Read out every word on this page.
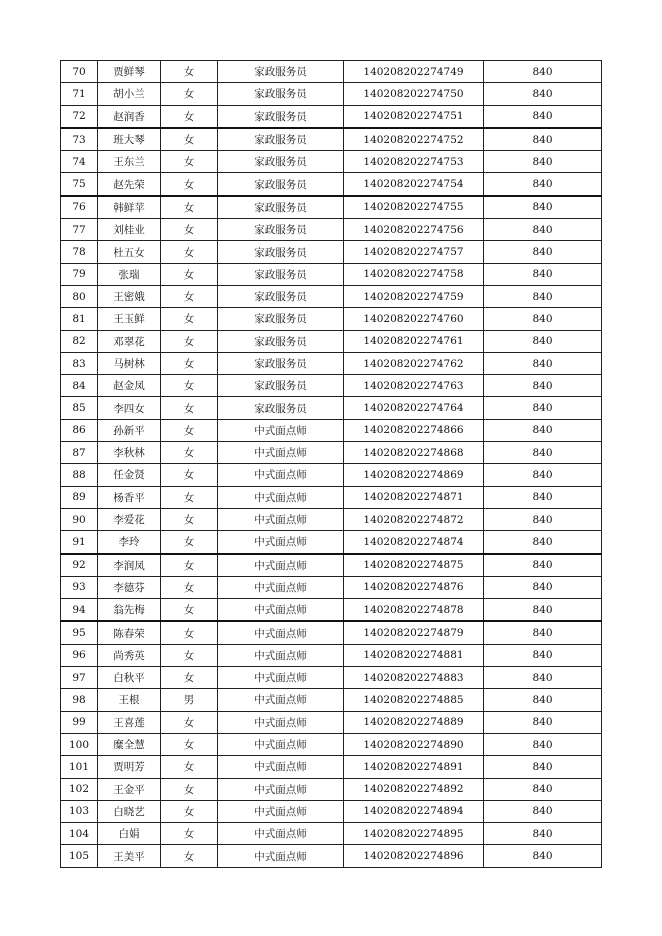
70	贾鲜琴	女	家政服务员	140208202274749	840
71	胡小兰	女	家政服务员	140208202274750	840
72	赵润香	女	家政服务员	140208202274751	840
73	班大琴	女	家政服务员	140208202274752	840
74	王东兰	女	家政服务员	140208202274753	840
75	赵先荣	女	家政服务员	140208202274754	840
76	韩鲜苹	女	家政服务员	140208202274755	840
77	刘桂业	女	家政服务员	140208202274756	840
78	杜五女	女	家政服务员	140208202274757	840
79	张瑞	女	家政服务员	140208202274758	840
80	王密娥	女	家政服务员	140208202274759	840
81	王玉鲜	女	家政服务员	140208202274760	840
82	邓翠花	女	家政服务员	140208202274761	840
83	马树林	女	家政服务员	140208202274762	840
84	赵金凤	女	家政服务员	140208202274763	840
85	李四女	女	家政服务员	140208202274764	840
86	孙新平	女	中式面点师	140208202274866	840
87	李秋林	女	中式面点师	140208202274868	840
88	任金贤	女	中式面点师	140208202274869	840
89	杨香平	女	中式面点师	140208202274871	840
90	李爱花	女	中式面点师	140208202274872	840
91	李玲	女	中式面点师	140208202274874	840
92	李润凤	女	中式面点师	140208202274875	840
93	李德芬	女	中式面点师	140208202274876	840
94	翁先梅	女	中式面点师	140208202274878	840
95	陈春荣	女	中式面点师	140208202274879	840
96	尚秀英	女	中式面点师	140208202274881	840
97	白秋平	女	中式面点师	140208202274883	840
98	王根	男	中式面点师	140208202274885	840
99	王喜莲	女	中式面点师	140208202274889	840
100	糜全慧	女	中式面点师	140208202274890	840
101	贾明芳	女	中式面点师	140208202274891	840
102	王金平	女	中式面点师	140208202274892	840
103	白晓艺	女	中式面点师	140208202274894	840
104	白娟	女	中式面点师	140208202274895	840
105	王美平	女	中式面点师	140208202274896	840
